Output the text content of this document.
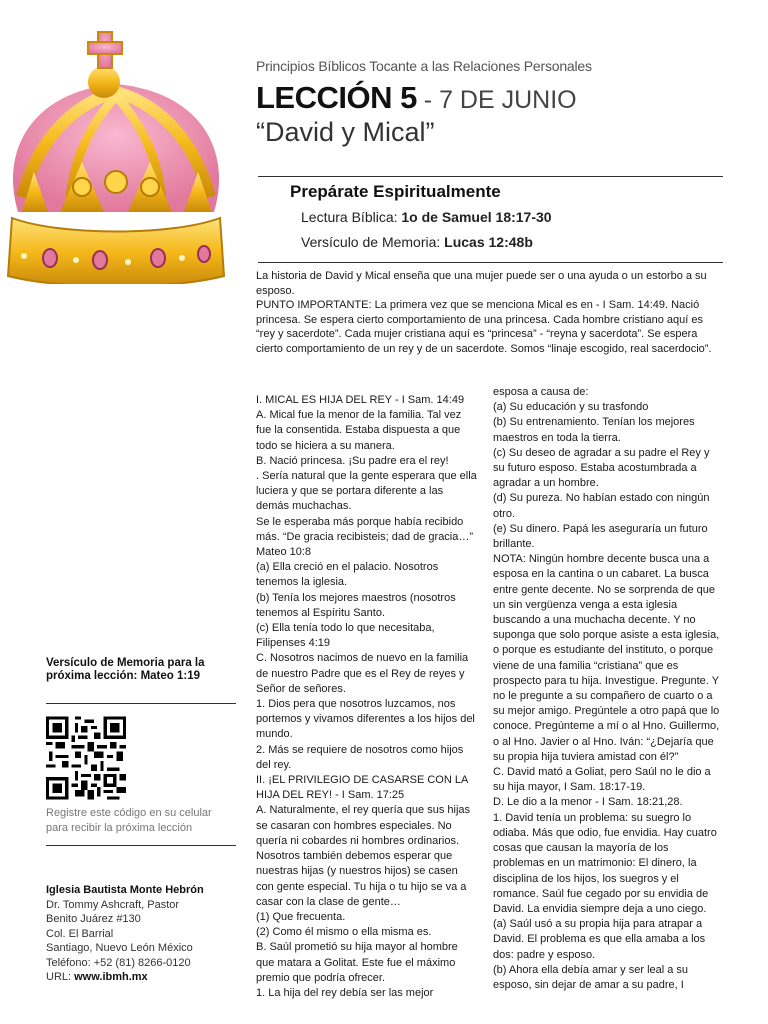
Principios Bíblicos Tocante a las Relaciones Personales
LECCIÓN 5 - 7 DE JUNIO
“David y Mical”
Prepárate Espiritualmente
Lectura Bíblica: 1o de Samuel 18:17-30
Versículo de Memoria: Lucas 12:48b

La historia de David y Mical enseña que una mujer puede ser o una ayuda o un estorbo a su esposo.

PUNTO IMPORTANTE: La primera vez que se menciona Mical es en - I Sam. 14:49. Nació princesa. Se espera cierto comportamiento de una princesa. Cada hombre cristiano aquí es “rey y sacerdote”. Cada mujer cristiana aquí es “princesa” - “reyna y sacerdota”. Se espera cierto comportamiento de un rey y de un sacerdote. Somos “linaje escogido, real sacerdocio”.

I. MICAL ES HIJA DEL REY - I Sam. 14:49

A. Mical fue la menor de la familia. Tal vez fue la consentida. Estaba dispuesta a que todo se hiciera a su manera.

B. Nació princesa. ¡Su padre era el rey!

. Sería natural que la gente esperara que ella luciera y que se portara diferente a las demás muchachas.

Se le esperaba más porque había recibido más. “De gracia recibisteis; dad de gracia…” Mateo 10:8

(a) Ella creció en el palacio. Nosotros tenemos la iglesia.

(b) Tenía los mejores maestros (nosotros tenemos al Espíritu Santo.

(c) Ella tenía todo lo que necesitaba, Filipenses 4:19

C. Nosotros nacimos de nuevo en la familia de nuestro Padre que es el Rey de reyes y Señor de señores.

1. Dios pera que nosotros luzcamos, nos portemos y vivamos diferentes a los hijos del mundo.

2. Más se requiere de nosotros como hijos del rey.

II. ¡EL PRIVILEGIO DE CASARSE CON LA HIJA DEL REY! - I Sam. 17:25

A. Naturalmente, el rey quería que sus hijas se casaran con hombres especiales. No quería ni cobardes ni hombres ordinarios. Nosotros también debemos esperar que nuestras hijas (y nuestros hijos) se casen con gente especial. Tu hija o tu hijo se va a casar con la clase de gente…

(1) Que frecuenta.

(2) Como él mismo o ella misma es.

B. Saúl prometió su hija mayor al hombre que matara a Golitat. Este fue el máximo premio que podría ofrecer.

1. La hija del rey debía ser las mejor

esposa a causa de:

(a) Su educación y su trasfondo

(b) Su entrenamiento. Tenían los mejores maestros en toda la tierra.

(c) Su deseo de agradar a su padre el Rey y su futuro esposo. Estaba acostumbrada a agradar a un hombre.

(d) Su pureza. No habían estado con ningún otro.

(e) Su dinero. Papá les aseguraría un futuro brillante.

NOTA: Ningún hombre decente busca una a esposa en la cantina o un cabaret. La busca entre gente decente. No se sorprenda de que un sin vergüenza venga a esta iglesia buscando a una muchacha decente. Y no suponga que solo porque asiste a esta iglesia, o porque es estudiante del instituto, o porque viene de una familia “cristiana” que es prospecto para tu hija. Investigue. Pregunte. Y no le pregunte a su compañero de cuarto o a su mejor amigo. Pregúntele a otro papá que lo conoce. Pregúnteme a mí o al Hno. Guillermo, o al Hno. Javier o al Hno. Iván: “¿Dejaría que su propia hija tuviera amistad con él?”

C. David mató a Goliat, pero Saúl no le dio a su hija mayor, I Sam. 18:17-19.

D. Le dio a la menor - I Sam. 18:21,28.

1. David tenía un problema: su suegro lo odiaba. Más que odio, fue envidia. Hay cuatro cosas que causan la mayoría de los problemas en un matrimonio: El dinero, la disciplina de los hijos, los suegros y el romance. Saúl fue cegado por su envidia de David. La envidia siempre deja a uno ciego.

(a) Saúl usó a su propia hija para atrapar a David. El problema es que ella amaba a los dos: padre y esposo.

(b) Ahora ella debía amar y ser leal a su esposo, sin dejar de amar a su padre, I

Versículo de Memoria para la próxima lección: Mateo 1:19
Registre este código en su celular para recibir la próxima lección
Iglesia Bautista Monte Hebrón
Dr. Tommy Ashcraft, Pastor
Benito Juárez #130
Col. El Barrial
Santiago, Nuevo León México
Teléfono: +52 (81) 8266-0120
URL: www.ibmh.mx
